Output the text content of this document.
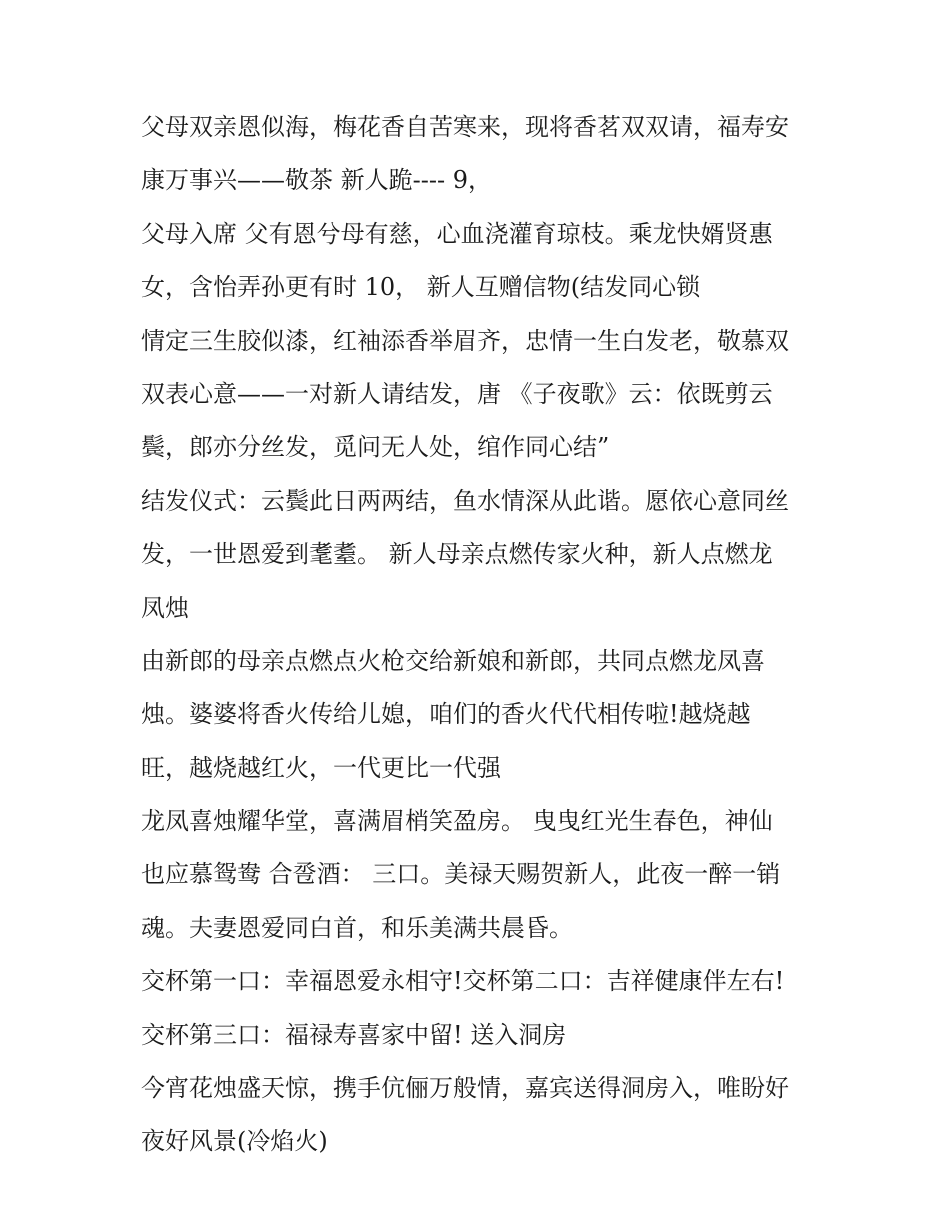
父母双亲恩似海，梅花香自苦寒来，现将香茗双双请，福寿安

康万事兴——敬茶 新人跪---- 9，

父母入席 父有恩兮母有慈，心血浇灌育琼枝。乘龙快婿贤惠

女，含怡弄孙更有时 10， 新人互赠信物(结发同心锁

情定三生胶似漆，红袖添香举眉齐，忠情一生白发老，敬慕双

双表心意——一对新人请结发，唐 《子夜歌》云：依既剪云

鬓，郎亦分丝发，觅问无人处，绾作同心结”

结发仪式：云鬓此日两两结，鱼水情深从此谐。愿依心意同丝

发，一世恩爱到耄耋。 新人母亲点燃传家火种，新人点燃龙

凤烛

由新郎的母亲点燃点火枪交给新娘和新郎，共同点燃龙凤喜

烛。婆婆将香火传给儿媳，咱们的香火代代相传啦!越烧越

旺，越烧越红火，一代更比一代强

龙凤喜烛耀华堂，喜满眉梢笑盈房。 曳曳红光生春色，神仙

也应慕鸳鸯 合卺酒： 三口。美禄天赐贺新人，此夜一醉一销

魂。夫妻恩爱同白首，和乐美满共晨昏。

交杯第一口：幸福恩爱永相守!交杯第二口：吉祥健康伴左右!

交杯第三口：福禄寿喜家中留! 送入洞房

今宵花烛盛天惊，携手伉俪万般情，嘉宾送得洞房入，唯盼好

夜好风景(冷焰火)
